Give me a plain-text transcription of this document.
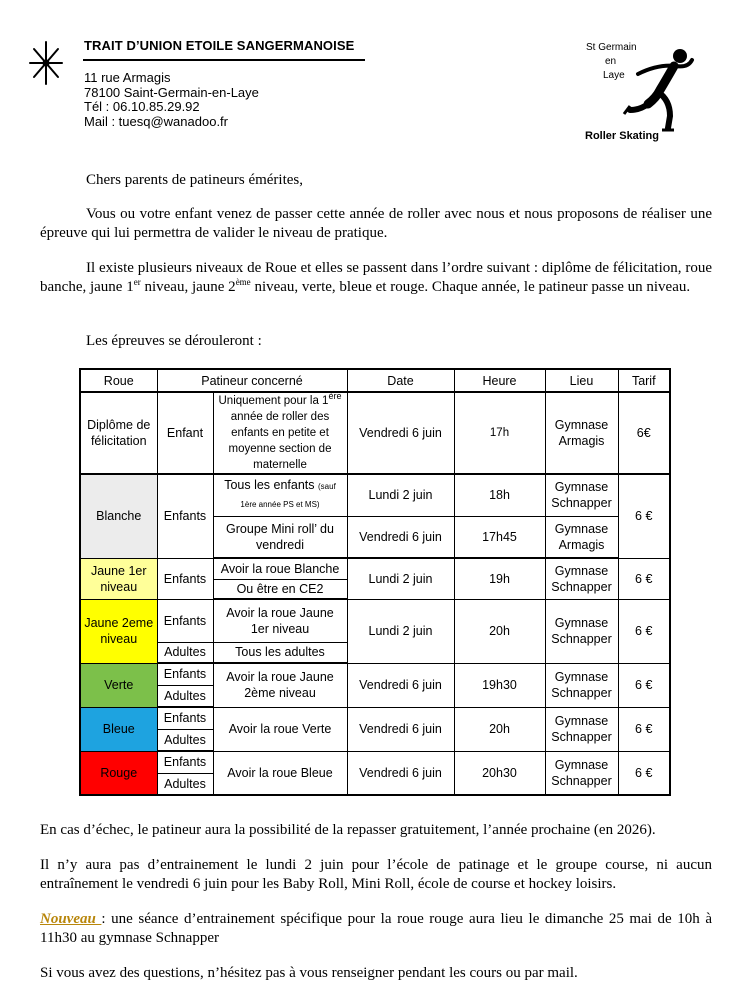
TRAIT D’UNION ETOILE SANGERMANOISE
11 rue Armagis
78100 Saint-Germain-en-Laye
Tél : 06.10.85.29.92
Mail : tuesq@wanadoo.fr
St Germain
en
Laye
Roller Skating
Chers parents de patineurs émérites,
Vous ou votre enfant venez de passer cette année de roller avec nous et nous proposons de réaliser une épreuve qui lui permettra de valider le niveau de pratique.
Il existe plusieurs niveaux de Roue et elles se passent dans l’ordre suivant : diplôme de félicitation, roue banche, jaune 1er niveau, jaune 2ème niveau, verte, bleue et rouge. Chaque année, le patineur passe un niveau.
Les épreuves se dérouleront :
Roue	Patineur concerné		Date	Heure	Lieu	Tarif
Diplôme de félicitation	Enfant	Uniquement pour la 1ère année de roller des enfants en petite et moyenne section de maternelle	Vendredi 6 juin	17h	Gymnase Armagis	6€
Blanche	Enfants	Tous les enfants (sauf 1ère année PS et MS)	Lundi 2 juin	18h	Gymnase Schnapper	6 €
		Groupe Mini roll’ du vendredi	Vendredi 6 juin	17h45	Gymnase Armagis	
Jaune 1er niveau	Enfants	Avoir la roue Blanche	Lundi 2 juin	19h	Gymnase Schnapper	6 €
		Ou être en CE2				
Jaune 2eme niveau	Enfants	Avoir la roue Jaune 1er niveau	Lundi 2 juin	20h	Gymnase Schnapper	6 €
	Adultes	Tous les adultes				
Verte	Enfants	Avoir la roue Jaune 2ème niveau	Vendredi 6 juin	19h30	Gymnase Schnapper	6 €
	Adultes					
Bleue	Enfants	Avoir la roue Verte	Vendredi 6 juin	20h	Gymnase Schnapper	6 €
	Adultes					
Rouge	Enfants	Avoir la roue Bleue	Vendredi 6 juin	20h30	Gymnase Schnapper	6 €
	Adultes					
En cas d’échec, le patineur aura la possibilité de la repasser gratuitement, l’année prochaine (en 2026).
Il n’y aura pas d’entrainement le lundi 2 juin pour l’école de patinage et le groupe course, ni aucun entraînement le vendredi 6 juin pour les Baby Roll, Mini Roll, école de course et hockey loisirs.
Nouveau : une séance d’entrainement spécifique pour la roue rouge aura lieu le dimanche 25 mai de 10h à 11h30 au gymnase Schnapper
Si vous avez des questions, n’hésitez pas à vous renseigner pendant les cours ou par mail.
